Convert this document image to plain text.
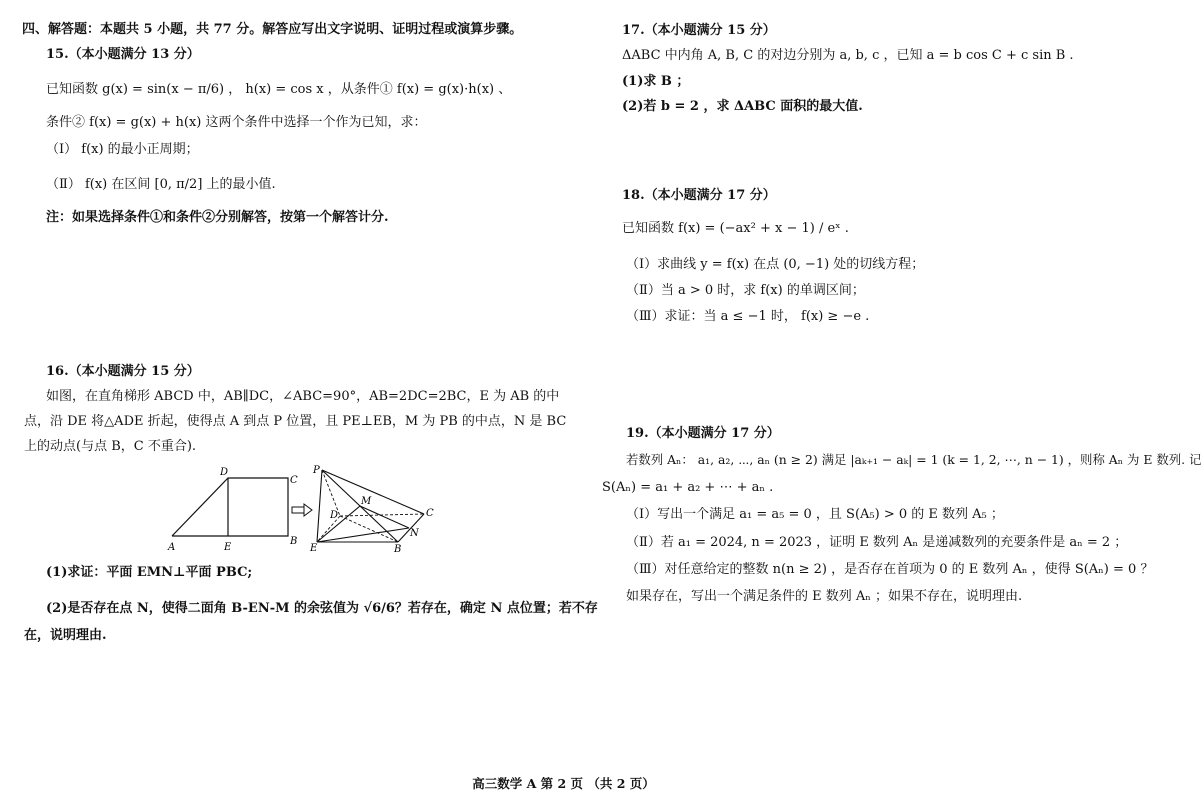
四、解答题：本题共 5 小题，共 77 分。解答应写出文字说明、证明过程或演算步骤。
15.（本小题满分 13 分）
已知函数 g(x) = sin(x − π/6) ， h(x) = cos x ，从条件① f(x) = g(x)·h(x) 、
条件② f(x) = g(x) + h(x) 这两个条件中选择一个作为已知，求：
（Ⅰ） f(x) 的最小正周期；
（Ⅱ） f(x) 在区间 [0, π/2] 上的最小值.
注：如果选择条件①和条件②分别解答，按第一个解答计分.
16.（本小题满分 15 分）
如图，在直角梯形 ABCD 中，AB∥DC，∠ABC=90°，AB=2DC=2BC，E 为 AB 的中
点，沿 DE 将△ADE 折起，使得点 A 到点 P 位置，且 PE⊥EB，M 为 PB 的中点，N 是 BC
上的动点(与点 B，C 不重合).
(1)求证：平面 EMN⊥平面 PBC;
(2)是否存在点 N，使得二面角 B-EN-M 的余弦值为 √6/6？若存在，确定 N 点位置；若不存
在，说明理由.
D
C
A	E
B
P
M
D	C
N
E	B
17.（本小题满分 15 分）
ΔABC 中内角 A, B, C 的对边分别为 a, b, c ，已知 a = b cos C + c sin B .
(1)求 B ；
(2)若 b = 2 ，求 ΔABC 面积的最大值.
18.（本小题满分 17 分）
已知函数 f(x) = (−ax² + x − 1) / eˣ .
（Ⅰ）求曲线 y = f(x) 在点 (0, −1) 处的切线方程；
（Ⅱ）当 a > 0 时，求 f(x) 的单调区间；
（Ⅲ）求证：当 a ≤ −1 时， f(x) ≥ −e .
19.（本小题满分 17 分）
若数列 Aₙ： a₁, a₂, ⋯, aₙ (n ≥ 2) 满足 |aₖ₊₁ − aₖ| = 1 (k = 1, 2, ⋯, n − 1) ，则称 Aₙ 为 E 数列. 记
S(Aₙ) = a₁ + a₂ + ⋯ + aₙ .
（Ⅰ）写出一个满足 a₁ = a₅ = 0 ，且 S(A₅) > 0 的 E 数列 A₅ ；
（Ⅱ）若 a₁ = 2024, n = 2023 ，证明 E 数列 Aₙ 是递减数列的充要条件是 aₙ = 2 ；
（Ⅲ）对任意给定的整数 n(n ≥ 2) ，是否存在首项为 0 的 E 数列 Aₙ ，使得 S(Aₙ) = 0 ？
如果存在，写出一个满足条件的 E 数列 Aₙ ；如果不存在，说明理由.
高三数学 A 第 2 页 （共 2 页）
